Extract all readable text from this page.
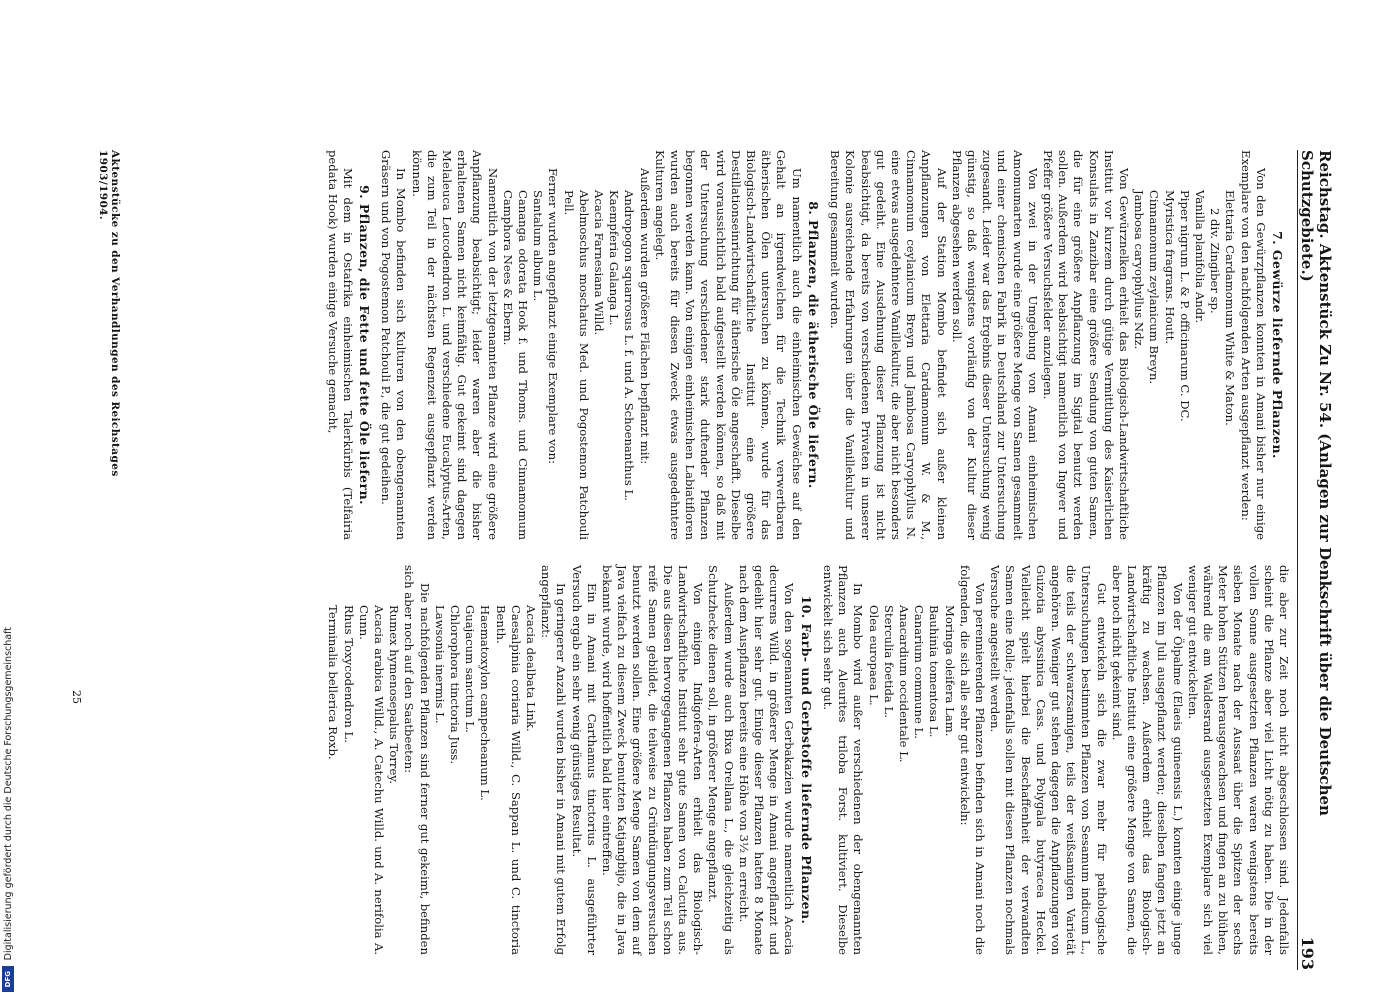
Reichstag. Aktenstück Zu Nr. 54. (Anlagen zur Denkschrift über die Deutschen Schutzgebiete.)
193
7. Gewürze liefernde Pflanzen.

Von den Gewürzpflanzen konnten in Amani bisher nur einige Exemplare von den nachfolgenden Arten ausgepflanzt werden:

Elettaria Cardamomum White & Maton.
2 div. Zingiber sp.
Vanilla planifolia Andr.
Piper nigrum L. & P. officinarum C. DC.
Myristica fragrans. Houtt.
Cinnamomum zeylanicum Breyn.
Jambosa caryophyllus Ndz.

Von Gewürznelken erhielt das Biologisch-Landwirtschaftliche Institut vor kurzem durch gütige Vermittlung des Kaiserlichen Konsulats in Zanzibar eine größere Sendung von guten Samen, die für eine größere Anpflanzung im Sigital benutzt werden sollen. Außerdem wird beabsichtigt namentlich von Ingwer und Pfeffer größere Versuchsfelder anzulegen.

Von zwei in der Umgebung von Amani einheimischen Amomumarten wurde eine größere Menge von Samen gesammelt und einer chemischen Fabrik in Deutschland zur Untersuchung zugesandt. Leider war das Ergebnis dieser Untersuchung wenig günstig, so daß wenigstens vorläufig von der Kultur dieser Pflanzen abgesehen werden soll.

Auf der Station Mombo befindet sich außer kleinen Anpflanzungen von Elettaria Cardamomum W. & M., Cinnamomum ceylanicum Breyn und Jambosa Caryophyllus N. eine etwas ausgedehntere Vanillekultur, die aber nicht besonders gut gedeiht. Eine Ausdehnung dieser Pflanzung ist nicht beabsichtigt, da bereits von verschiedenen Privaten in unserer Kolonie ausreichende Erfahrungen über die Vanillekultur und Bereitung gesammelt wurden.

8. Pflanzen, die ätherische Öle liefern.

Um namentlich auch die einheimischen Gewächse auf den Gehalt an irgendwelchen für die Technik verwertbaren ätherischen Ölen untersuchen zu können, wurde für das Biologisch-Landwirtschaftliche Institut eine größere Destillationseinrichtung für ätherische Öle angeschafft. Dieselbe wird voraussichtlich bald aufgestellt werden können, so daß mit der Untersuchung verschiedener stark duftender Pflanzen begonnen werden kann. Von einigen einheimischen Labiatifloren wurden auch bereits für diesen Zweck etwas ausgedehntere Kulturen angelegt.

Außerdem wurden größere Flächen bepflanzt mit:

Andropogon squarrosus L. f. und A. Schoenanthus L.
Kaempferia Galanga L.
Acacia Farnesiana Willd.
Abelmoschus moschatus Med. und Pogostemon Patchouli Pell.

Ferner wurden angepflanzt einige Exemplare von:

Santalum album L.
Cananga odorata Hook f. und Thoms. und Cinnamomum Camphora Nees & Eberm.

Namentlich von der letztgenannten Pflanze wird eine größere Anpflanzung beabsichtigt; leider waren aber die bisher erhaltenen Samen nicht keimfähig. Gut gekeimt sind dagegen Melaleuca Leucodendron L. und verschiedene Eucalyptus-Arten, die zum Teil in der nächsten Regenzeit ausgepflanzt werden können.

In Mombo befinden sich Kulturen von den obengenannten Gräsern und von Pogostemon Patchouli P., die gut gedeihen.

9. Pflanzen, die Fette und fette Öle liefern.

Mit dem in Ostafrika einheimischen Talerkürbis (Telfairia pedata Hook) wurden einige Versuche gemacht,

Aktenstücke zu den Verhandlungen des Reichstages 1903/1904.

die aber zur Zeit noch nicht abgeschlossen sind. Jedenfalls scheint die Pflanze aber viel Licht nötig zu haben. Die in der vollen Sonne ausgesetzten Pflanzen waren wenigstens bereits sieben Monate nach der Aussaat über die Spitzen der sechs Meter hohen Stützen herausgewachsen und fingen an zu blühen, während die am Waldesrand ausgesetzten Exemplare sich viel weniger gut entwickelten.

Von der Ölpalme (Elaeis guineensis L.) konnten einige junge Pflanzen im Juli ausgepflanzt werden; dieselben fangen jetzt an kräftig zu wachsen. Außerdem erhielt das Biologisch-Landwirtschaftliche Institut eine größere Menge von Samen, die aber noch nicht gekeimt sind.

Gut entwickeln sich die zwar mehr für pathologische Untersuchungen bestimmten Pflanzen von Sesamum indicum L., die teils der schwarzsamigen, teils der weißsamigen Varietät angehören. Weniger gut stehen dagegen die Anpflanzungen von Guizotia abyssinica Cass. und Polygala butyracea Heckel. Vielleicht spielt hierbei die Beschaffenheit der verwandten Samen eine Rolle; jedenfalls sollen mit diesen Pflanzen nochmals Versuche angestellt werden.

Von perennierenden Pflanzen befinden sich in Amani noch die folgenden, die sich alle sehr gut entwickeln:

Moringa oleifera Lam.
Bauhinia tomentosa L.
Canarium commune L.
Anacardium occidentale L.
Sterculia foetida L.
Olea europaea L.

In Mombo wird außer verschiedenen der obengenannten Pflanzen auch Aleurites triloba Forst. kultiviert. Dieselbe entwickelt sich sehr gut.

10. Farb- und Gerbstoffe liefernde Pflanzen.

Von den sogenannten Gerbakazien wurde namentlich Acacia decurrens Willd. in größerer Menge in Amani angepflanzt und gedeiht hier sehr gut. Einige dieser Pflanzen hatten 8 Monate nach dem Auspflanzen bereits eine Höhe von 3½ m erreicht.

Außerdem wurde auch Bixa Orellana L., die gleichzeitig als Schutzhecke dienen soll, in größerer Menge angepflanzt.

Von einigen Indigofera-Arten erhielt das Biologisch-Landwirtschaftliche Institut sehr gute Samen von Calcutta aus. Die aus diesen hervorgegangenen Pflanzen haben zum Teil schon reife Samen gebildet, die teilweise zu Gründüngungsversuchen benutzt werden sollen. Eine größere Menge Samen von dem auf Java vielfach zu diesem Zweck benutzten Katjangbijo, die in Java bekannt wurde, wird hoffentlich bald hier eintreffen.

Ein in Amani mit Carthamus tinctorius L. ausgeführter Versuch ergab ein sehr wenig günstiges Resultat.

In geringerer Anzahl wurden bisher in Amani mit gutem Erfolg angepflanzt:

Acacia dealbata Link.
Caesalpinia coriaria Willd., C. Sappan L. und C. tinctoria Benth.
Haematoxylon campecheanum L.
Guajacum sanctum L.
Chlorophora tinctoria Juss.
Lawsonia inermis L.

Die nachfolgenden Pflanzen sind ferner gut gekeimt, befinden sich aber noch auf den Saatbeeten:

Rumex hymenosepalus Torrey.
Acacia arabica Willd., A. Catechu Willd. und A. nerifolia A. Cunn.
Rhus Toxycodendron L.
Terminalia bellerica Roxb.
25
Digitalisierung gefördert durch die Deutsche Forschungsgemeinschaft
DFG
